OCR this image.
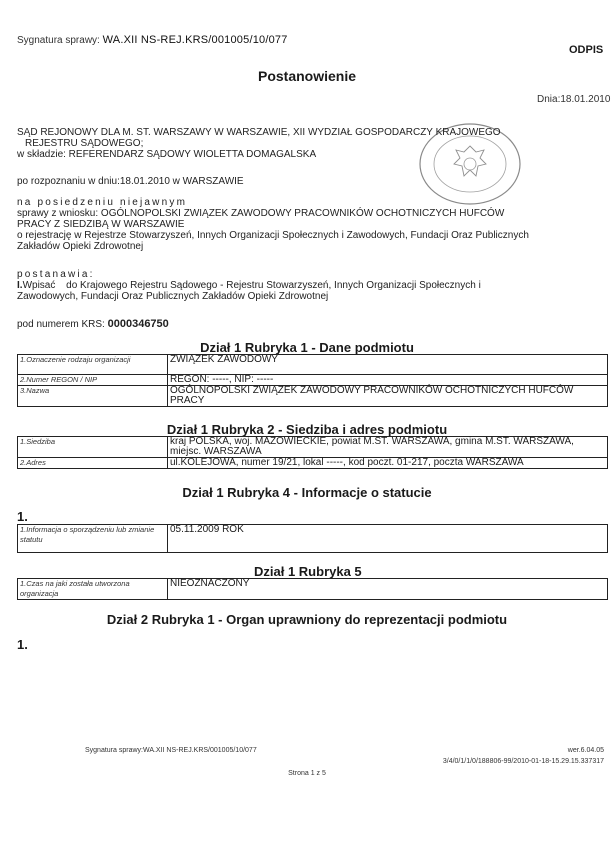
Sygnatura sprawy: WA.XII NS-REJ.KRS/001005/10/077
ODPIS
Postanowienie
Dnia:18.01.2010
SĄD REJONOWY DLA M. ST. WARSZAWY W WARSZAWIE, XII WYDZIAŁ GOSPODARCZY KRAJOWEGO
REJESTRU SĄDOWEGO;
w składzie: REFERENDARZ SĄDOWY WIOLETTA DOMAGALSKA
po rozpoznaniu w dniu:18.01.2010 w WARSZAWIE
na posiedzeniu niejawnym
sprawy z wniosku: OGÓLNOPOLSKI ZWIĄZEK ZAWODOWY PRACOWNIKÓW OCHOTNICZYCH HUFCÓW
PRACY Z SIEDZIBĄ W WARSZAWIE
o rejestrację w Rejestrze Stowarzyszeń, Innych Organizacji Społecznych i Zawodowych, Fundacji Oraz Publicznych
Zakładów Opieki Zdrowotnej
postanawia:
I.Wpisać do Krajowego Rejestru Sądowego - Rejestru Stowarzyszeń, Innych Organizacji Społecznych i
Zawodowych, Fundacji Oraz Publicznych Zakładów Opieki Zdrowotnej
pod numerem KRS: 0000346750
Dział 1 Rubryka 1 - Dane podmiotu
1.Oznaczenie rodzaju organizacji	ZWIĄZEK ZAWODOWY
2.Numer REGON / NIP	REGON: -----, NIP: -----
3.Nazwa	OGÓLNOPOLSKI ZWIĄZEK ZAWODOWY PRACOWNIKÓW OCHOTNICZYCH HUFCÓW PRACY
Dział 1 Rubryka 2 - Siedziba i adres podmiotu
1.Siedziba	kraj POLSKA, woj. MAZOWIECKIE, powiat M.ST. WARSZAWA, gmina M.ST. WARSZAWA, miejsc. WARSZAWA
2.Adres	ul.KOLEJOWA, numer 19/21, lokal -----, kod poczt. 01-217, poczta WARSZAWA
Dział 1 Rubryka 4 - Informacje o statucie
1.
1.Informacja o sporządzeniu lub zmianie statutu	05.11.2009 ROK
Dział 1 Rubryka 5
1.Czas na jaki została utworzona organizacja	NIEOZNACZONY
Dział 2 Rubryka 1 - Organ uprawniony do reprezentacji podmiotu
1.
Sygnatura sprawy:WA.XII NS-REJ.KRS/001005/10/077	wer.6.04.05
3/4/0/1/1/0/188806-99/2010-01-18-15.29.15.337317
Strona 1 z 5
